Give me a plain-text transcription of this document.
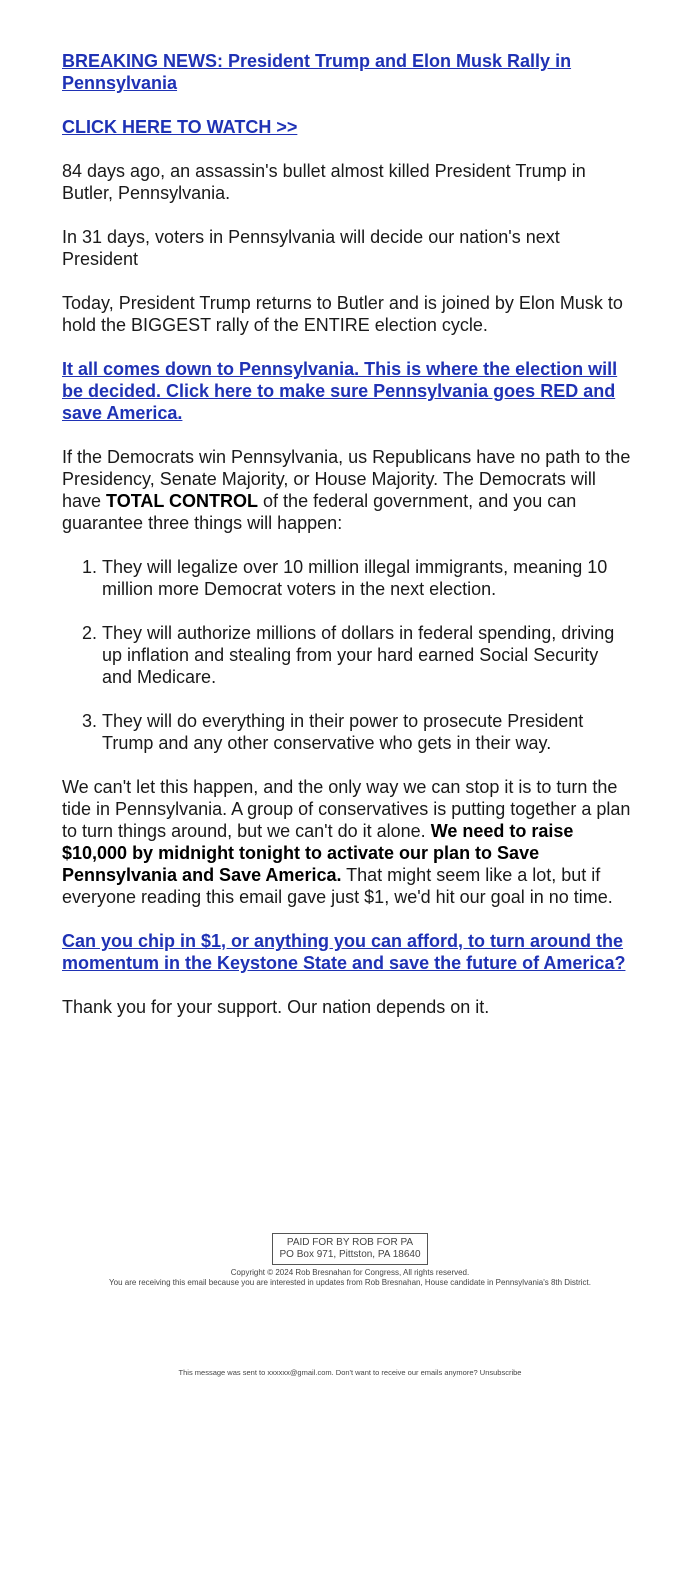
BREAKING NEWS: President Trump and Elon Musk Rally in Pennsylvania

CLICK HERE TO WATCH >>

84 days ago, an assassin's bullet almost killed President Trump in Butler, Pennsylvania.

In 31 days, voters in Pennsylvania will decide our nation's next President

Today, President Trump returns to Butler and is joined by Elon Musk to hold the BIGGEST rally of the ENTIRE election cycle.

It all comes down to Pennsylvania. This is where the election will be decided. Click here to make sure Pennsylvania goes RED and save America.

If the Democrats win Pennsylvania, us Republicans have no path to the Presidency, Senate Majority, or House Majority. The Democrats will have TOTAL CONTROL of the federal government, and you can guarantee three things will happen:

1. They will legalize over 10 million illegal immigrants, meaning 10 million more Democrat voters in the next election.
2. They will authorize millions of dollars in federal spending, driving up inflation and stealing from your hard earned Social Security and Medicare.
3. They will do everything in their power to prosecute President Trump and any other conservative who gets in their way.

We can't let this happen, and the only way we can stop it is to turn the tide in Pennsylvania. A group of conservatives is putting together a plan to turn things around, but we can't do it alone. We need to raise $10,000 by midnight tonight to activate our plan to Save Pennsylvania and Save America. That might seem like a lot, but if everyone reading this email gave just $1, we'd hit our goal in no time.

Can you chip in $1, or anything you can afford, to turn around the momentum in the Keystone State and save the future of America?

Thank you for your support. Our nation depends on it.

PAID FOR BY ROB FOR PA
PO Box 971, Pittston, PA 18640
Copyright © 2024 Rob Bresnahan for Congress, All rights reserved.
You are receiving this email because you are interested in updates from Rob Bresnahan, House candidate in Pennsylvania's 8th District.
This message was sent to xxxxxx@gmail.com. Don't want to receive our emails anymore? Unsubscribe
